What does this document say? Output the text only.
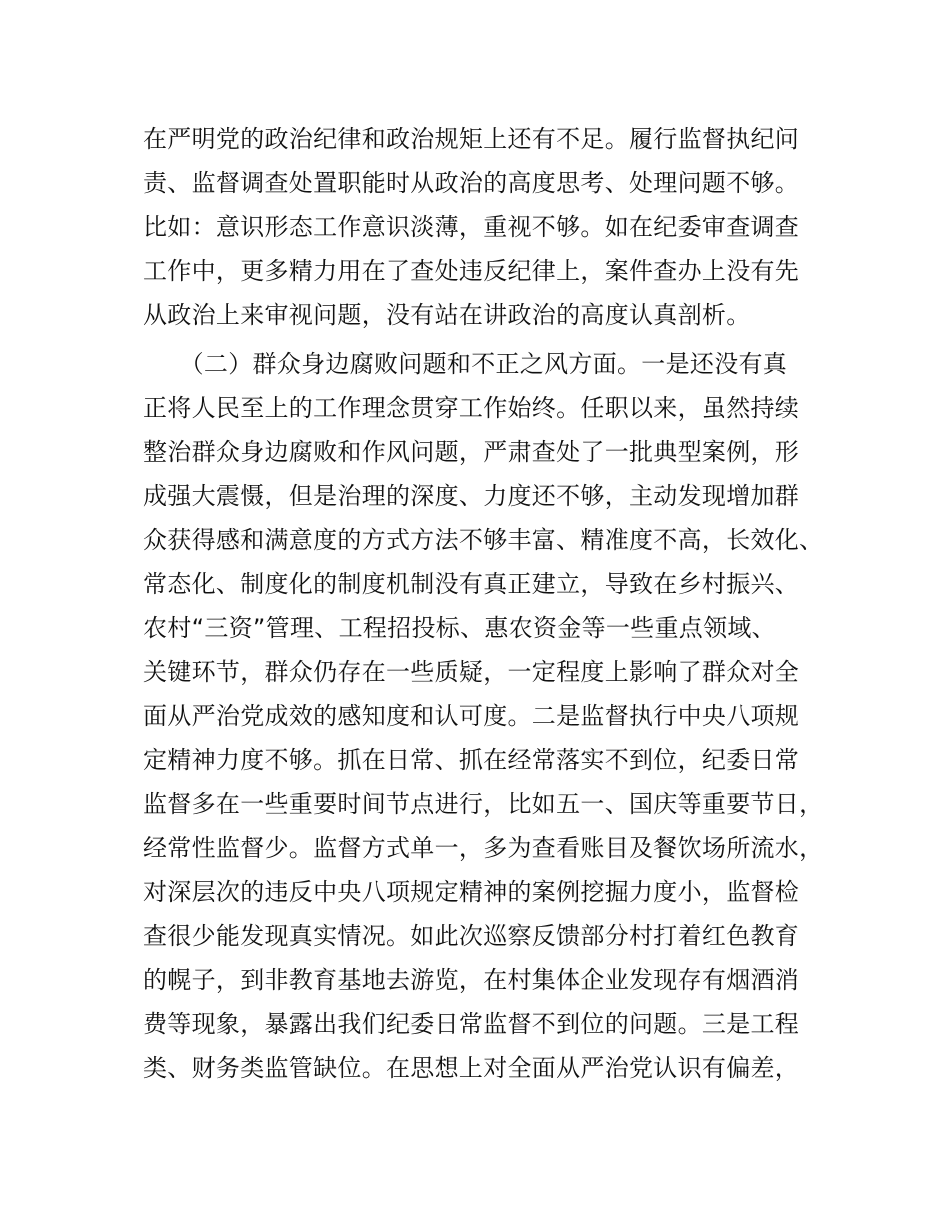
在严明党的政治纪律和政治规矩上还有不足。履行监督执纪问
责、监督调查处置职能时从政治的高度思考、处理问题不够。
比如：意识形态工作意识淡薄，重视不够。如在纪委审查调查
工作中，更多精力用在了查处违反纪律上，案件查办上没有先
从政治上来审视问题，没有站在讲政治的高度认真剖析。
　　（二）群众身边腐败问题和不正之风方面。一是还没有真
正将人民至上的工作理念贯穿工作始终。任职以来，虽然持续
整治群众身边腐败和作风问题，严肃查处了一批典型案例，形
成强大震慑，但是治理的深度、力度还不够，主动发现增加群
众获得感和满意度的方式方法不够丰富、精准度不高，长效化、
常态化、制度化的制度机制没有真正建立，导致在乡村振兴、
农村“三资”管理、工程招投标、惠农资金等一些重点领域、
关键环节，群众仍存在一些质疑，一定程度上影响了群众对全
面从严治党成效的感知度和认可度。二是监督执行中央八项规
定精神力度不够。抓在日常、抓在经常落实不到位，纪委日常
监督多在一些重要时间节点进行，比如五一、国庆等重要节日，
经常性监督少。监督方式单一，多为查看账目及餐饮场所流水，
对深层次的违反中央八项规定精神的案例挖掘力度小，监督检
查很少能发现真实情况。如此次巡察反馈部分村打着红色教育
的幌子，到非教育基地去游览，在村集体企业发现存有烟酒消
费等现象，暴露出我们纪委日常监督不到位的问题。三是工程
类、财务类监管缺位。在思想上对全面从严治党认识有偏差，
